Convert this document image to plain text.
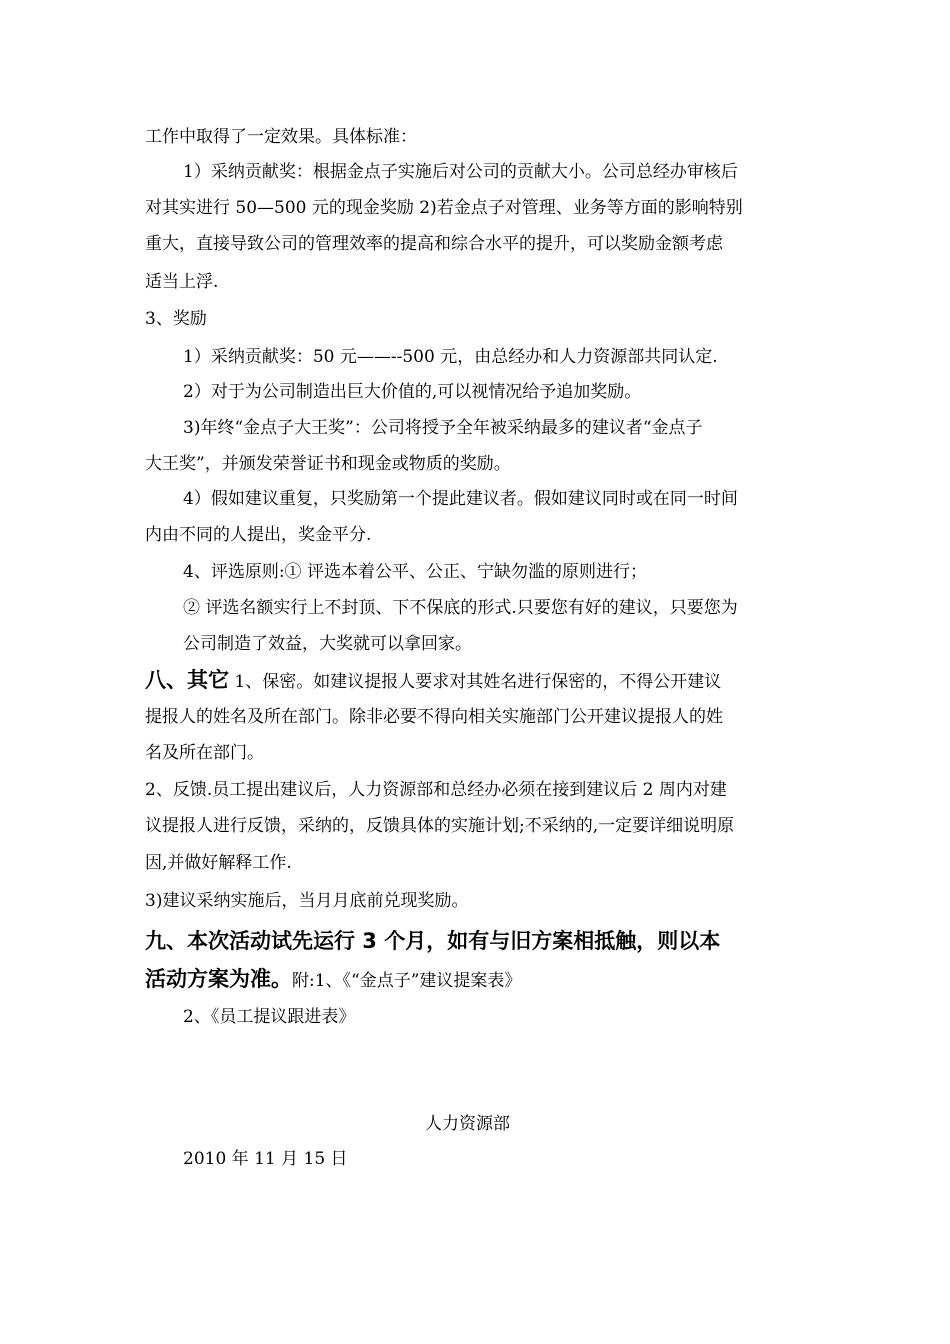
工作中取得了一定效果。具体标准：
1）采纳贡献奖：根据金点子实施后对公司的贡献大小。公司总经办审核后
对其实进行 50—500 元的现金奖励 2)若金点子对管理、业务等方面的影响特别
重大，直接导致公司的管理效率的提高和综合水平的提升，可以奖励金额考虑
适当上浮.
3、奖励
1）采纳贡献奖：50 元——--500 元，由总经办和人力资源部共同认定.
2）对于为公司制造出巨大价值的,可以视情况给予追加奖励。
3)年终“金点子大王奖”：公司将授予全年被采纳最多的建议者“金点子
大王奖”，并颁发荣誉证书和现金或物质的奖励。
4）假如建议重复，只奖励第一个提此建议者。假如建议同时或在同一时间
内由不同的人提出，奖金平分.
4、评选原则:① 评选本着公平、公正、宁缺勿滥的原则进行；
② 评选名额实行上不封顶、下不保底的形式.只要您有好的建议，只要您为
公司制造了效益，大奖就可以拿回家。
八、其它 1、保密。如建议提报人要求对其姓名进行保密的，不得公开建议
提报人的姓名及所在部门。除非必要不得向相关实施部门公开建议提报人的姓
名及所在部门。
2、反馈.员工提出建议后，人力资源部和总经办必须在接到建议后 2 周内对建
议提报人进行反馈，采纳的，反馈具体的实施计划;不采纳的,一定要详细说明原
因,并做好解释工作.
3)建议采纳实施后，当月月底前兑现奖励。
九、本次活动试先运行 3 个月，如有与旧方案相抵触，则以本
活动方案为准。附:1、《“金点子”建议提案表》
2、《员工提议跟进表》
人力资源部
2010 年 11 月 15 日
